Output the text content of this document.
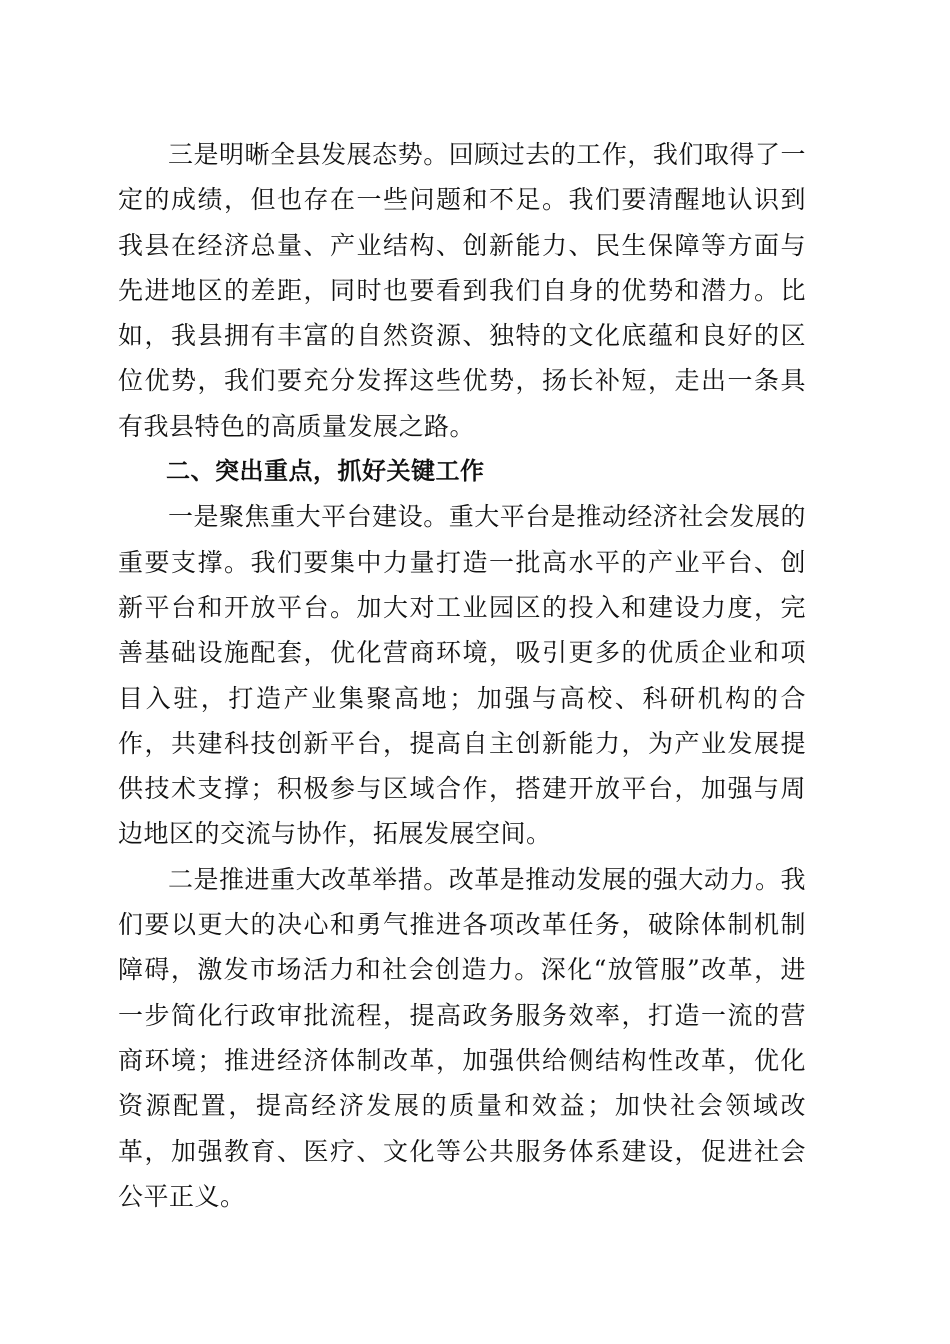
三是明晰全县发展态势。回顾过去的工作，我们取得了一定的成绩，但也存在一些问题和不足。我们要清醒地认识到我县在经济总量、产业结构、创新能力、民生保障等方面与先进地区的差距，同时也要看到我们自身的优势和潜力。比如，我县拥有丰富的自然资源、独特的文化底蕴和良好的区位优势，我们要充分发挥这些优势，扬长补短，走出一条具有我县特色的高质量发展之路。

二、突出重点，抓好关键工作

一是聚焦重大平台建设。重大平台是推动经济社会发展的重要支撑。我们要集中力量打造一批高水平的产业平台、创新平台和开放平台。加大对工业园区的投入和建设力度，完善基础设施配套，优化营商环境，吸引更多的优质企业和项目入驻，打造产业集聚高地；加强与高校、科研机构的合作，共建科技创新平台，提高自主创新能力，为产业发展提供技术支撑；积极参与区域合作，搭建开放平台，加强与周边地区的交流与协作，拓展发展空间。

二是推进重大改革举措。改革是推动发展的强大动力。我们要以更大的决心和勇气推进各项改革任务，破除体制机制障碍，激发市场活力和社会创造力。深化“放管服”改革，进一步简化行政审批流程，提高政务服务效率，打造一流的营商环境；推进经济体制改革，加强供给侧结构性改革，优化资源配置，提高经济发展的质量和效益；加快社会领域改革，加强教育、医疗、文化等公共服务体系建设，促进社会公平正义。
